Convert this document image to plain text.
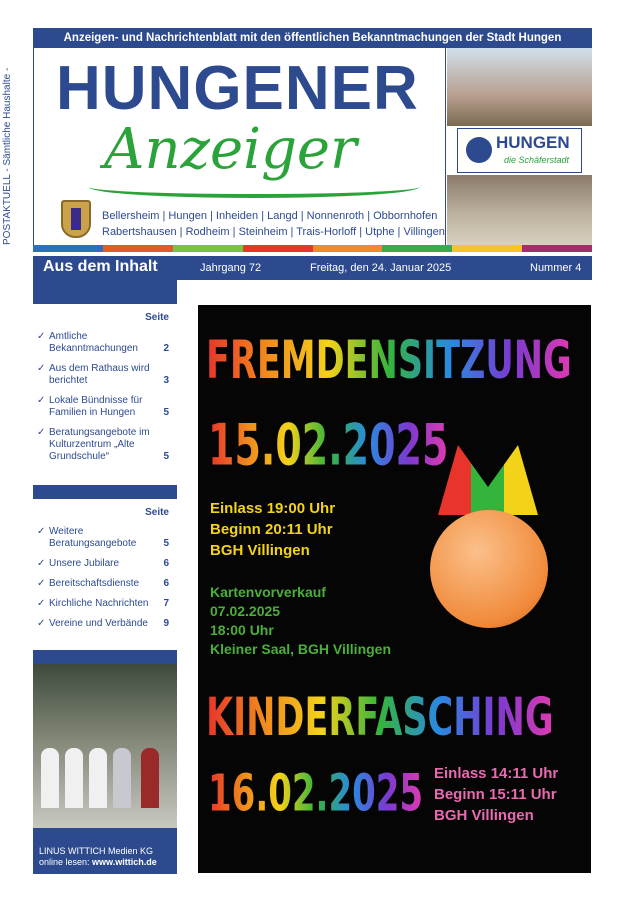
POSTAKTUELL - Sämtliche Haushalte -
Anzeigen- und Nachrichtenblatt mit den öffentlichen Bekanntmachungen der Stadt Hungen
HUNGENER
Anzeiger
Bellersheim | Hungen | Inheiden | Langd | Nonnenroth | Obbornhofen
Rabertshausen | Rodheim | Steinheim | Trais-Horloff | Utphe | Villingen
HUNGEN
die Schäferstadt
Aus dem Inhalt	Jahrgang 72	Freitag, den 24. Januar 2025	Nummer 4
Seite
✓ Amtliche Bekanntmachungen	2
✓ Aus dem Rathaus wird berichtet	3
✓ Lokale Bündnisse für Familien in Hungen	5
✓ Beratungsangebote im Kulturzentrum „Alte Grundschule“	5
Seite
✓ Weitere Beratungsangebote	5
✓ Unsere Jubilare	6
✓ Bereitschaftsdienste	6
✓ Kirchliche Nachrichten	7
✓ Vereine und Verbände	9
LINUS WITTICH Medien KG
online lesen: www.wittich.de
FREMDENSITZUNG
15.02.2025
Einlass 19:00 Uhr
Beginn 20:11 Uhr
BGH Villingen
Kartenvorverkauf
07.02.2025
18:00 Uhr
Kleiner Saal, BGH Villingen
KINDERFASCHING
16.02.2025 Einlass 14:11 Uhr
Beginn 15:11 Uhr
BGH Villingen
